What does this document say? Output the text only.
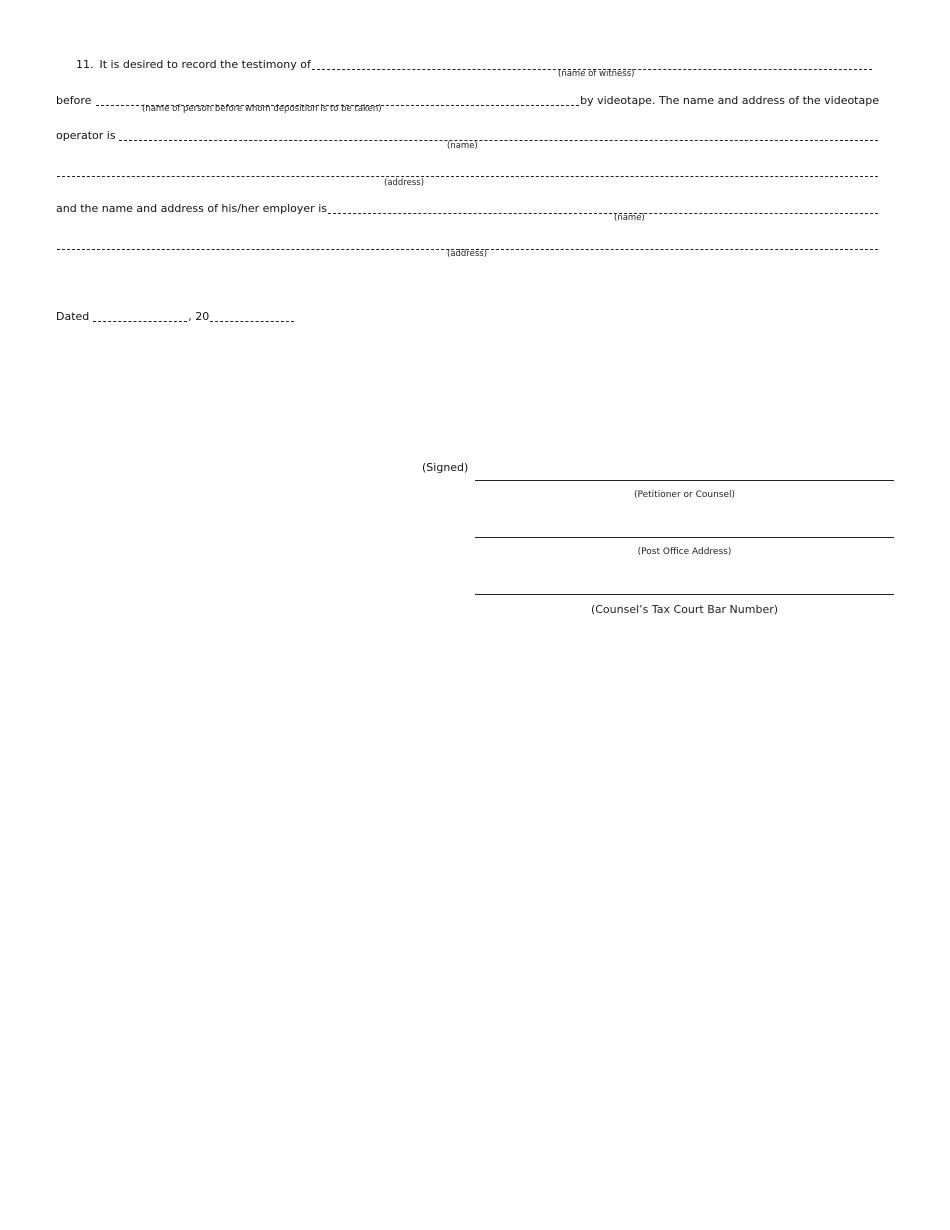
11. It is desired to record the testimony of
(name of witness)
before	by videotape. The name and address of the videotape
(name of person before whom deposition is to be taken)
operator is
(name)
(address)
and the name and address of his/her employer is
(name)
(address)
Dated	, 20
(Signed)
(Petitioner or Counsel)
(Post Office Address)
(Counsel’s Tax Court Bar Number)
